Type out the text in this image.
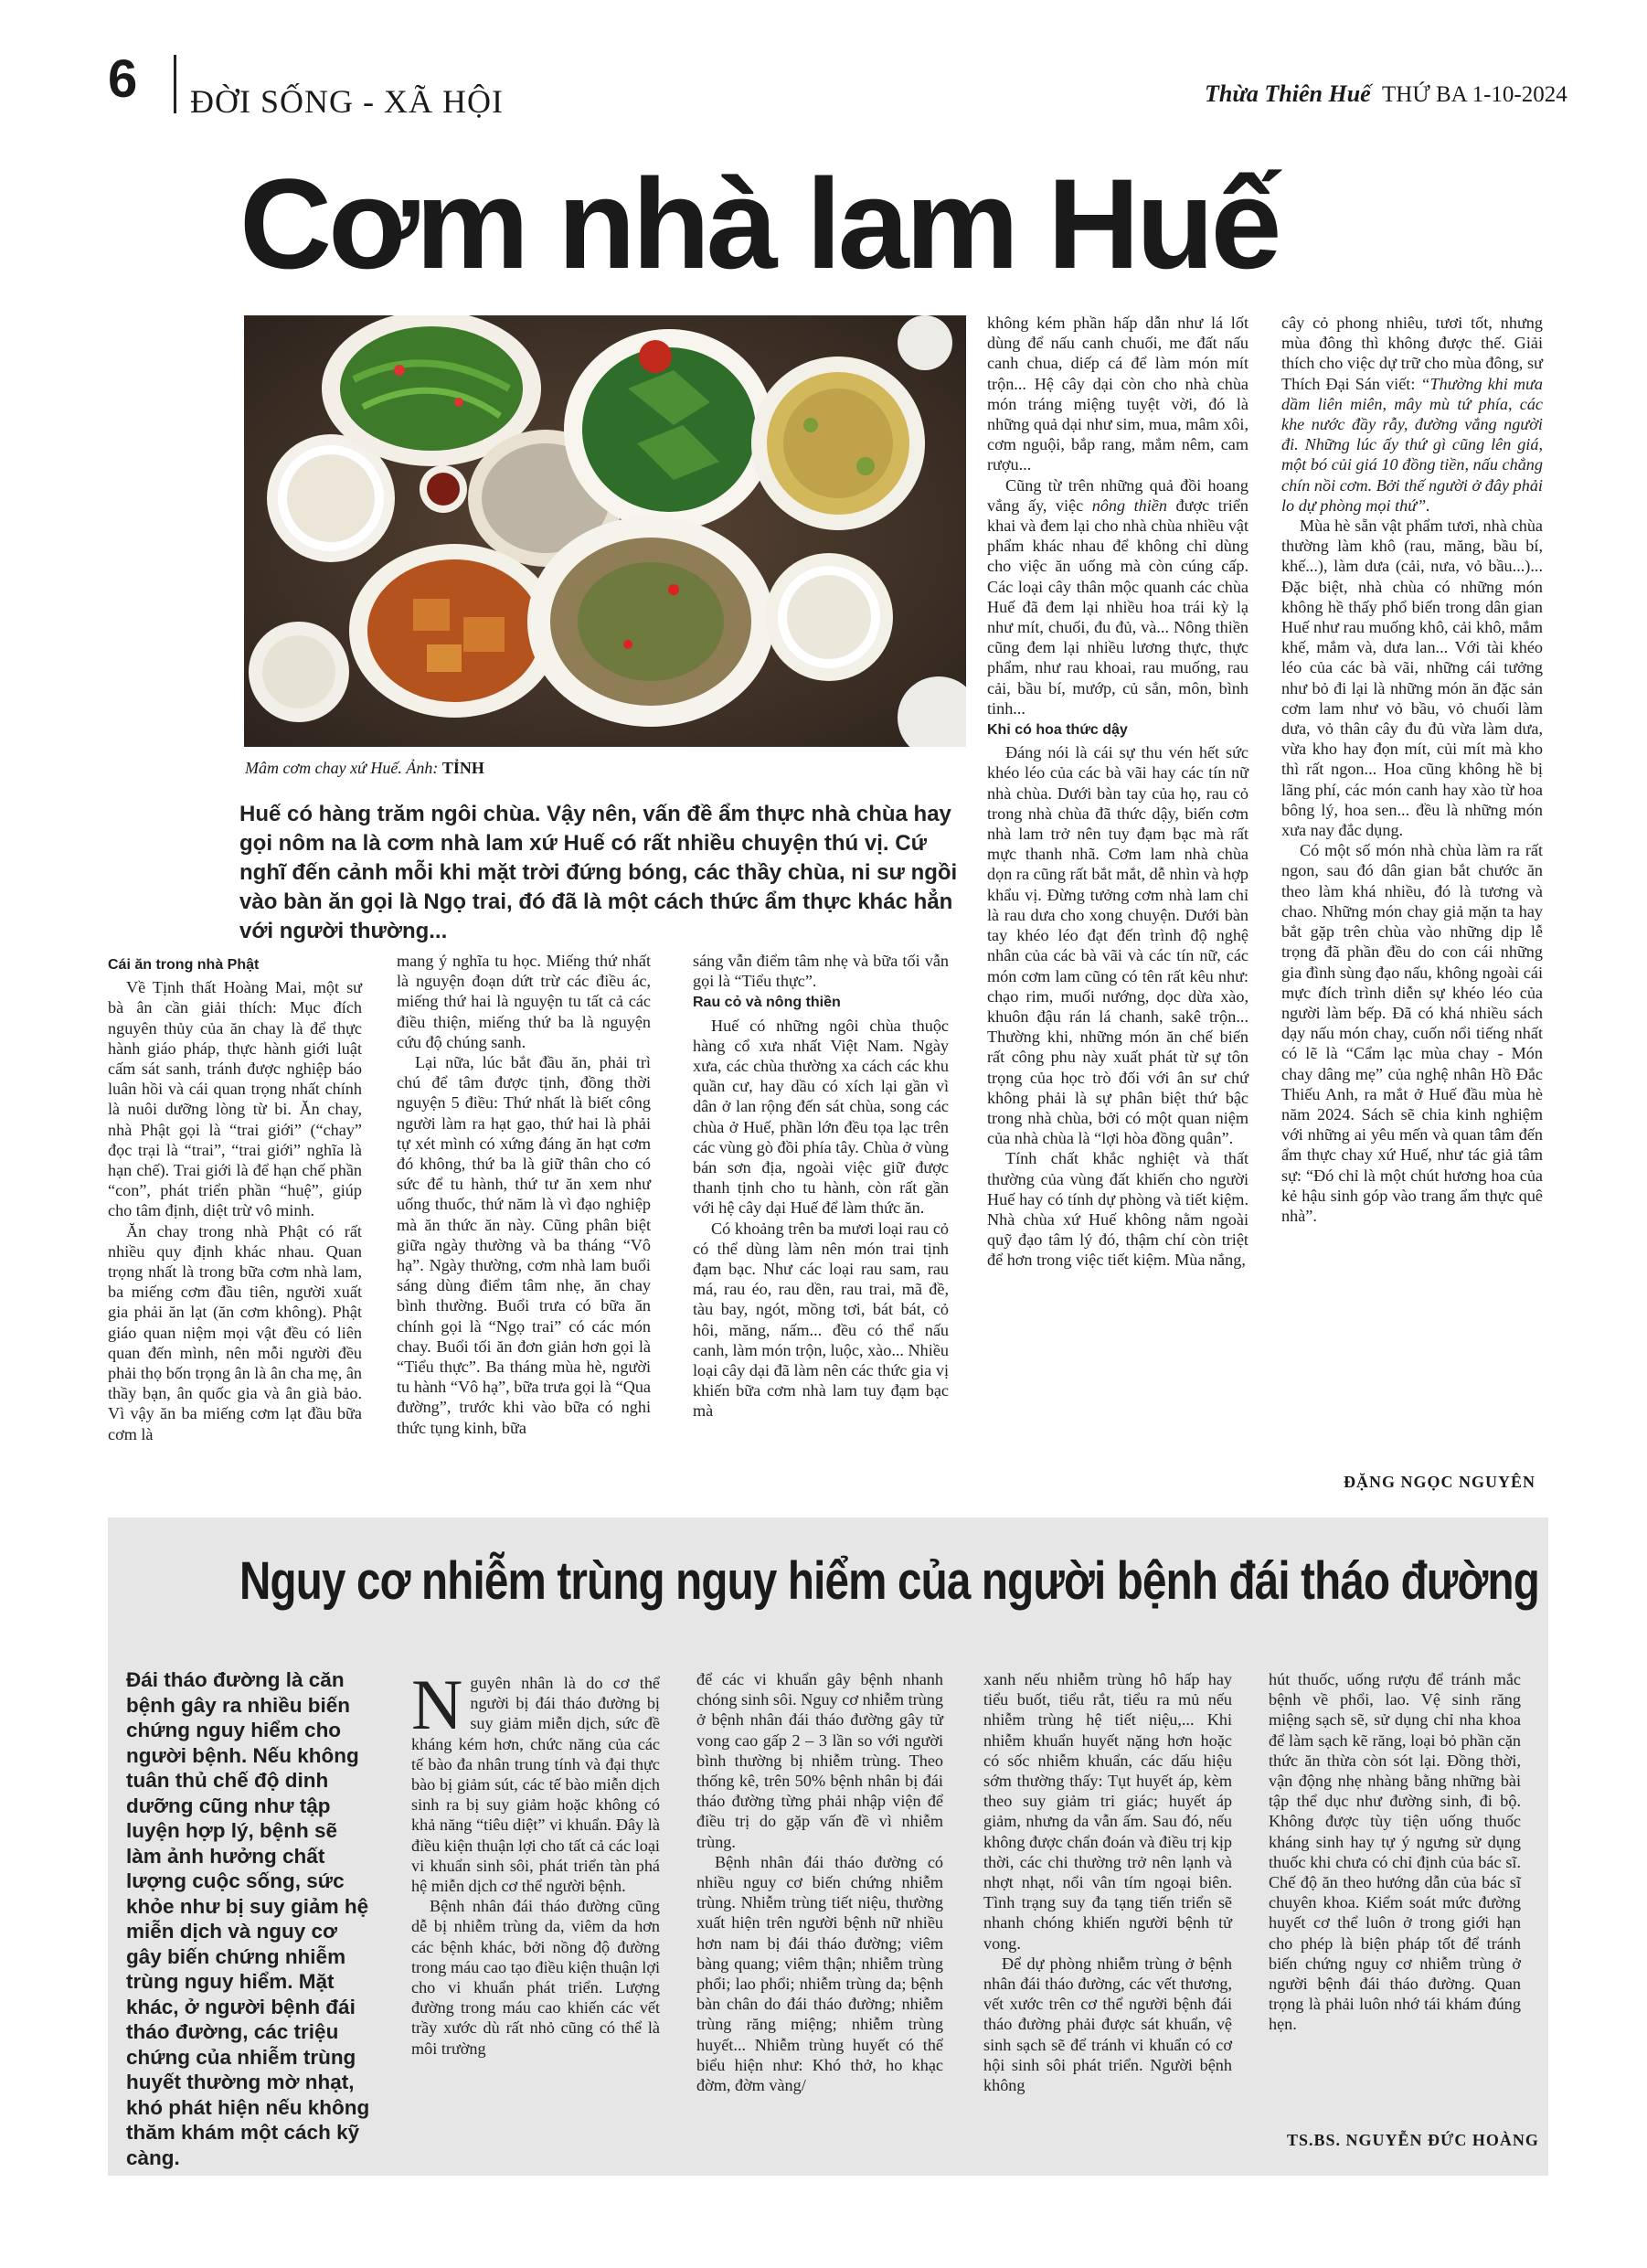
6 ĐỜI SỐNG - XÃ HỘI	Thừa Thiên Huế THỨ BA 1-10-2024
Cơm nhà lam Huế
Mâm cơm chay xứ Huế. Ảnh: TỈNH
Huế có hàng trăm ngôi chùa. Vậy nên, vấn đề ẩm thực nhà chùa hay gọi nôm na là cơm nhà lam xứ Huế có rất nhiều chuyện thú vị. Cứ nghĩ đến cảnh mỗi khi mặt trời đứng bóng, các thầy chùa, ni sư ngồi vào bàn ăn gọi là Ngọ trai, đó đã là một cách thức ẩm thực khác hẳn với người thường...

Cái ăn trong nhà Phật

Về Tịnh thất Hoàng Mai, một sư bà ân cần giải thích: Mục đích nguyên thủy của ăn chay là để thực hành giáo pháp, thực hành giới luật cấm sát sanh, tránh được nghiệp báo luân hồi và cái quan trọng nhất chính là nuôi dưỡng lòng từ bi. Ăn chay, nhà Phật gọi là “trai giới” (“chay” đọc trại là “trai”, “trai giới” nghĩa là hạn chế). Trai giới là để hạn chế phần “con”, phát triển phần “huệ”, giúp cho tâm định, diệt trừ vô minh.

Ăn chay trong nhà Phật có rất nhiều quy định khác nhau. Quan trọng nhất là trong bữa cơm nhà lam, ba miếng cơm đầu tiên, người xuất gia phải ăn lạt (ăn cơm không). Phật giáo quan niệm mọi vật đều có liên quan đến mình, nên mỗi người đều phải thọ bốn trọng ân là ân cha mẹ, ân thầy bạn, ân quốc gia và ân già bảo. Vì vậy ăn ba miếng cơm lạt đầu bữa cơm là

mang ý nghĩa tu học. Miếng thứ nhất là nguyện đoạn dứt trừ các điều ác, miếng thứ hai là nguyện tu tất cả các điều thiện, miếng thứ ba là nguyện cứu độ chúng sanh.

Lại nữa, lúc bắt đầu ăn, phải trì chú để tâm được tịnh, đồng thời nguyện 5 điều: Thứ nhất là biết công người làm ra hạt gạo, thứ hai là phải tự xét mình có xứng đáng ăn hạt cơm đó không, thứ ba là giữ thân cho có sức để tu hành, thứ tư ăn xem như uống thuốc, thứ năm là vì đạo nghiệp mà ăn thức ăn này. Cũng phân biệt giữa ngày thường và ba tháng “Vô hạ”. Ngày thường, cơm nhà lam buổi sáng dùng điểm tâm nhẹ, ăn chay bình thường. Buổi trưa có bữa ăn chính gọi là “Ngọ trai” có các món chay. Buổi tối ăn đơn giản hơn gọi là “Tiểu thực”. Ba tháng mùa hè, người tu hành “Vô hạ”, bữa trưa gọi là “Qua đường”, trước khi vào bữa có nghi thức tụng kinh, bữa

sáng vẫn điểm tâm nhẹ và bữa tối vẫn gọi là “Tiểu thực”.

Rau cỏ và nông thiền

Huế có những ngôi chùa thuộc hàng cổ xưa nhất Việt Nam. Ngày xưa, các chùa thường xa cách các khu quần cư, hay dầu có xích lại gần vì dân ở lan rộng đến sát chùa, song các chùa ở Huế, phần lớn đều tọa lạc trên các vùng gò đồi phía tây. Chùa ở vùng bán sơn địa, ngoài việc giữ được thanh tịnh cho tu hành, còn rất gần với hệ cây dại Huế để làm thức ăn.

Có khoảng trên ba mươi loại rau cỏ có thể dùng làm nên món trai tịnh đạm bạc. Như các loại rau sam, rau má, rau éo, rau dền, rau trai, mã đề, tàu bay, ngót, mồng tơi, bát bát, cỏ hôi, măng, nấm... đều có thể nấu canh, làm món trộn, luộc, xào... Nhiều loại cây dại đã làm nên các thức gia vị khiến bữa cơm nhà lam tuy đạm bạc mà

không kém phần hấp dẫn như lá lốt dùng để nấu canh chuối, me đất nấu canh chua, diếp cá để làm món mít trộn... Hệ cây dại còn cho nhà chùa món tráng miệng tuyệt vời, đó là những quả dại như sim, mua, mâm xôi, cơm nguội, bắp rang, mắm nêm, cam rượu...

Cũng từ trên những quả đồi hoang vắng ấy, việc nông thiền được triển khai và đem lại cho nhà chùa nhiều vật phẩm khác nhau để không chỉ dùng cho việc ăn uống mà còn cúng cấp. Các loại cây thân mộc quanh các chùa Huế đã đem lại nhiều hoa trái kỳ lạ như mít, chuối, đu đủ, và... Nông thiền cũng đem lại nhiều lương thực, thực phẩm, như rau khoai, rau muống, rau cải, bầu bí, mướp, củ sắn, môn, bình tinh...

Khi có hoa thức dậy

Đáng nói là cái sự thu vén hết sức khéo léo của các bà vãi hay các tín nữ nhà chùa. Dưới bàn tay của họ, rau cỏ trong nhà chùa đã thức dậy, biến cơm nhà lam trở nên tuy đạm bạc mà rất mực thanh nhã. Cơm lam nhà chùa dọn ra cũng rất bắt mắt, dễ nhìn và hợp khẩu vị. Đừng tưởng cơm nhà lam chỉ là rau dưa cho xong chuyện. Dưới bàn tay khéo léo đạt đến trình độ nghệ nhân của các bà vãi và các tín nữ, các món cơm lam cũng có tên rất kêu như: chạo rim, muối nướng, dọc dừa xào, khuôn đậu rán lá chanh, sakê trộn... Thường khi, những món ăn chế biến rất công phu này xuất phát từ sự tôn trọng của học trò đối với ân sư chứ không phải là sự phân biệt thứ bậc trong nhà chùa, bởi có một quan niệm của nhà chùa là “lợi hòa đồng quân”.

Tính chất khắc nghiệt và thất thường của vùng đất khiến cho người Huế hay có tính dự phòng và tiết kiệm. Nhà chùa xứ Huế không nằm ngoài quỹ đạo tâm lý đó, thậm chí còn triệt để hơn trong việc tiết kiệm. Mùa nắng,

cây cỏ phong nhiêu, tươi tốt, nhưng mùa đông thì không được thế. Giải thích cho việc dự trữ cho mùa đông, sư Thích Đại Sán viết: “Thường khi mưa dầm liên miên, mây mù tứ phía, các khe nước đầy rẫy, đường vắng người đi. Những lúc ấy thứ gì cũng lên giá, một bó củi giá 10 đồng tiền, nấu chẳng chín nồi cơm. Bởi thế người ở đây phải lo dự phòng mọi thứ”.

Mùa hè sẵn vật phẩm tươi, nhà chùa thường làm khô (rau, măng, bầu bí, khế...), làm dưa (cải, nưa, vỏ bầu...)... Đặc biệt, nhà chùa có những món không hề thấy phổ biến trong dân gian Huế như rau muống khô, cải khô, mắm khế, mắm và, dưa lan... Với tài khéo léo của các bà vãi, những cái tưởng như bỏ đi lại là những món ăn đặc sản cơm lam như vỏ bầu, vỏ chuối làm dưa, vỏ thân cây đu đủ vừa làm dưa, vừa kho hay đọn mít, củi mít mà kho thì rất ngon... Hoa cũng không hề bị lãng phí, các món canh hay xào từ hoa bông lý, hoa sen... đều là những món xưa nay đắc dụng.

Có một số món nhà chùa làm ra rất ngon, sau đó dân gian bắt chước ăn theo làm khá nhiều, đó là tương và chao. Những món chay giả mặn ta hay bắt gặp trên chùa vào những dịp lễ trọng đã phần đều do con cái những gia đình sùng đạo nấu, không ngoài cái mực đích trình diễn sự khéo léo của người làm bếp. Đã có khá nhiều sách dạy nấu món chay, cuốn nổi tiếng nhất có lẽ là “Cẩm lạc mùa chay - Món chay dâng mẹ” của nghệ nhân Hồ Đắc Thiếu Anh, ra mắt ở Huế đầu mùa hè năm 2024. Sách sẽ chia kinh nghiệm với những ai yêu mến và quan tâm đến ẩm thực chay xứ Huế, như tác giả tâm sự: “Đó chỉ là một chút hương hoa của kẻ hậu sinh góp vào trang ẩm thực quê nhà”.

ĐẶNG NGỌC NGUYÊN
Nguy cơ nhiễm trùng nguy hiểm của người bệnh đái tháo đường
Đái tháo đường là căn bệnh gây ra nhiều biến chứng nguy hiểm cho người bệnh. Nếu không tuân thủ chế độ dinh dưỡng cũng như tập luyện hợp lý, bệnh sẽ làm ảnh hưởng chất lượng cuộc sống, sức khỏe như bị suy giảm hệ miễn dịch và nguy cơ gây biến chứng nhiễm trùng nguy hiểm. Mặt khác, ở người bệnh đái tháo đường, các triệu chứng của nhiễm trùng huyết thường mờ nhạt, khó phát hiện nếu không thăm khám một cách kỹ càng.

Nguyên nhân là do cơ thể người bị đái tháo đường bị suy giảm miễn dịch, sức đề kháng kém hơn, chức năng của các tế bào đa nhân trung tính và đại thực bào bị giảm sút, các tế bào miễn dịch sinh ra bị suy giảm hoặc không có khả năng “tiêu diệt” vi khuẩn. Đây là điều kiện thuận lợi cho tất cả các loại vi khuẩn sinh sôi, phát triển tàn phá hệ miễn dịch cơ thể người bệnh.

Bệnh nhân đái tháo đường cũng dễ bị nhiễm trùng da, viêm da hơn các bệnh khác, bởi nồng độ đường trong máu cao tạo điều kiện thuận lợi cho vi khuẩn phát triển. Lượng đường trong máu cao khiến các vết trầy xước dù rất nhỏ cũng có thể là môi trường

để các vi khuẩn gây bệnh nhanh chóng sinh sôi. Nguy cơ nhiễm trùng ở bệnh nhân đái tháo đường gây tử vong cao gấp 2 – 3 lần so với người bình thường bị nhiễm trùng. Theo thống kê, trên 50% bệnh nhân bị đái tháo đường từng phải nhập viện để điều trị do gặp vấn đề vì nhiễm trùng.

Bệnh nhân đái tháo đường có nhiều nguy cơ biến chứng nhiễm trùng. Nhiễm trùng tiết niệu, thường xuất hiện trên người bệnh nữ nhiều hơn nam bị đái tháo đường; viêm bàng quang; viêm thận; nhiễm trùng phổi; lao phổi; nhiễm trùng da; bệnh bàn chân do đái tháo đường; nhiễm trùng răng miệng; nhiễm trùng huyết... Nhiễm trùng huyết có thể biểu hiện như: Khó thở, ho khạc đờm, đờm vàng/

xanh nếu nhiễm trùng hô hấp hay tiểu buốt, tiểu rắt, tiểu ra mủ nếu nhiễm trùng hệ tiết niệu,... Khi nhiễm khuẩn huyết nặng hơn hoặc có sốc nhiễm khuẩn, các dấu hiệu sớm thường thấy: Tụt huyết áp, kèm theo suy giảm tri giác; huyết áp giảm, nhưng da vẫn ấm. Sau đó, nếu không được chẩn đoán và điều trị kịp thời, các chi thường trở nên lạnh và nhợt nhạt, nổi vân tím ngoại biên. Tình trạng suy đa tạng tiến triển sẽ nhanh chóng khiến người bệnh tử vong.

Để dự phòng nhiễm trùng ở bệnh nhân đái tháo đường, các vết thương, vết xước trên cơ thể người bệnh đái tháo đường phải được sát khuẩn, vệ sinh sạch sẽ để tránh vi khuẩn có cơ hội sinh sôi phát triển. Người bệnh không

hút thuốc, uống rượu để tránh mắc bệnh về phổi, lao. Vệ sinh răng miệng sạch sẽ, sử dụng chỉ nha khoa để làm sạch kẽ răng, loại bỏ phần cặn thức ăn thừa còn sót lại. Đồng thời, vận động nhẹ nhàng bằng những bài tập thể dục như đường sinh, đi bộ. Không được tùy tiện uống thuốc kháng sinh hay tự ý ngưng sử dụng thuốc khi chưa có chỉ định của bác sĩ. Chế độ ăn theo hướng dẫn của bác sĩ chuyên khoa. Kiểm soát mức đường huyết cơ thể luôn ở trong giới hạn cho phép là biện pháp tốt để tránh biến chứng nguy cơ nhiễm trùng ở người bệnh đái tháo đường. Quan trọng là phải luôn nhớ tái khám đúng hẹn.

TS.BS. NGUYỄN ĐỨC HOÀNG
